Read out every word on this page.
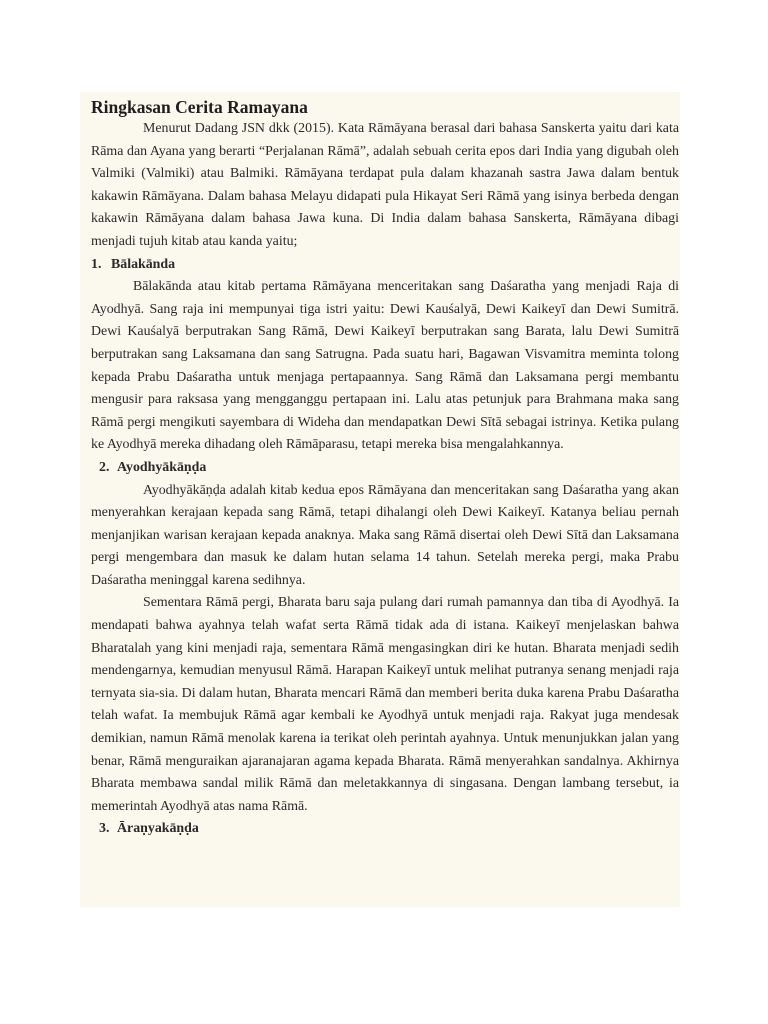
Ringkasan Cerita Ramayana

Menurut Dadang JSN dkk (2015). Kata Rāmāyana berasal dari bahasa Sanskerta yaitu dari kata Rāma dan Ayana yang berarti “Perjalanan Rāmā”, adalah sebuah cerita epos dari India yang digubah oleh Valmiki (Valmiki) atau Balmiki. Rāmāyana terdapat pula dalam khazanah sastra Jawa dalam bentuk kakawin Rāmāyana. Dalam bahasa Melayu didapati pula Hikayat Seri Rāmā yang isinya berbeda dengan kakawin Rāmāyana dalam bahasa Jawa kuna. Di India dalam bahasa Sanskerta, Rāmāyana dibagi menjadi tujuh kitab atau kanda yaitu;

1. Bālakānda

Bālakānda atau kitab pertama Rāmāyana menceritakan sang Daśaratha yang menjadi Raja di Ayodhyā. Sang raja ini mempunyai tiga istri yaitu: Dewi Kauśalyā, Dewi Kaikeyī dan Dewi Sumitrā. Dewi Kauśalyā berputrakan Sang Rāmā, Dewi Kaikeyī berputrakan sang Barata, lalu Dewi Sumitrā berputrakan sang Laksamana dan sang Satrugna. Pada suatu hari, Bagawan Visvamitra meminta tolong kepada Prabu Daśaratha untuk menjaga pertapaannya. Sang Rāmā dan Laksamana pergi membantu mengusir para raksasa yang mengganggu pertapaan ini. Lalu atas petunjuk para Brahmana maka sang Rāmā pergi mengikuti sayembara di Wideha dan mendapatkan Dewi Sītā sebagai istrinya. Ketika pulang ke Ayodhyā mereka dihadang oleh Rāmāparasu, tetapi mereka bisa mengalahkannya.

2. Ayodhyākāṇḍa

Ayodhyākāṇḍa adalah kitab kedua epos Rāmāyana dan menceritakan sang Daśaratha yang akan menyerahkan kerajaan kepada sang Rāmā, tetapi dihalangi oleh Dewi Kaikeyī. Katanya beliau pernah menjanjikan warisan kerajaan kepada anaknya. Maka sang Rāmā disertai oleh Dewi Sītā dan Laksamana pergi mengembara dan masuk ke dalam hutan selama 14 tahun. Setelah mereka pergi, maka Prabu Daśaratha meninggal karena sedihnya.

Sementara Rāmā pergi, Bharata baru saja pulang dari rumah pamannya dan tiba di Ayodhyā. Ia mendapati bahwa ayahnya telah wafat serta Rāmā tidak ada di istana. Kaikeyī menjelaskan bahwa Bharatalah yang kini menjadi raja, sementara Rāmā mengasingkan diri ke hutan. Bharata menjadi sedih mendengarnya, kemudian menyusul Rāmā. Harapan Kaikeyī untuk melihat putranya senang menjadi raja ternyata sia-sia. Di dalam hutan, Bharata mencari Rāmā dan memberi berita duka karena Prabu Daśaratha telah wafat. Ia membujuk Rāmā agar kembali ke Ayodhyā untuk menjadi raja. Rakyat juga mendesak demikian, namun Rāmā menolak karena ia terikat oleh perintah ayahnya. Untuk menunjukkan jalan yang benar, Rāmā menguraikan ajaranajaran agama kepada Bharata. Rāmā menyerahkan sandalnya. Akhirnya Bharata membawa sandal milik Rāmā dan meletakkannya di singasana. Dengan lambang tersebut, ia memerintah Ayodhyā atas nama Rāmā.

3. Āraṇyakāṇḍa
